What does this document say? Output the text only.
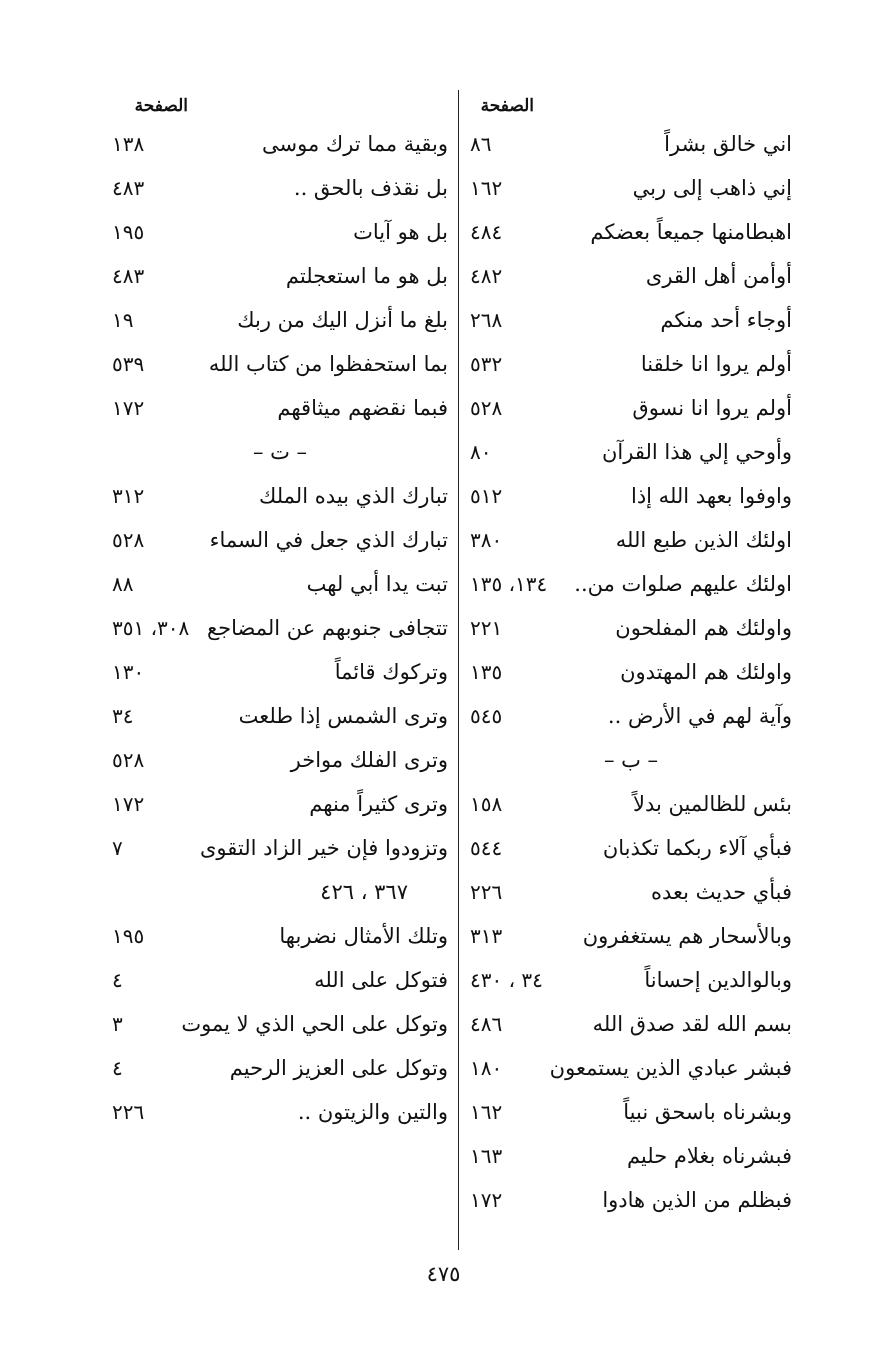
الصفحة
اني خالق بشراً
٨٦
إني ذاهب إلى ربي
١٦٢
اهبطامنها جميعاً بعضكم
٤٨٤
أوأمن أهل القرى
٤٨٢
أوجاء أحد منكم
٢٦٨
أولم يروا انا خلقنا
٥٣٢
أولم يروا انا نسوق
٥٢٨
وأوحي إلي هذا القرآن
٨٠
واوفوا بعهد الله إذا
٥١٢
اولئك الذين طبع الله
٣٨٠
اولئك عليهم صلوات من..
١٣٤، ١٣٥
واولئك هم المفلحون
٢٢١
واولئك هم المهتدون
١٣٥
وآية لهم في الأرض ..
٥٤٥
– ب –
بئس للظالمين بدلاً
١٥٨
فبأي آلاء ربكما تكذبان
٥٤٤
فبأي حديث بعده
٢٢٦
وبالأسحار هم يستغفرون
٣١٣
وبالوالدين إحساناً
٣٤ ، ٤٣٠
بسم الله لقد صدق الله
٤٨٦
فبشر عبادي الذين يستمعون
١٨٠
وبشرناه باسحق نبياً
١٦٢
فبشرناه بغلام حليم
١٦٣
فبظلم من الذين هادوا
١٧٢
الصفحة
وبقية مما ترك موسى
١٣٨
بل نقذف بالحق ..
٤٨٣
بل هو آيات
١٩٥
بل هو ما استعجلتم
٤٨٣
بلغ ما أنزل اليك من ربك
١٩
بما استحفظوا من كتاب الله
٥٣٩
فبما نقضهم ميثاقهم
١٧٢
– ت –
تبارك الذي بيده الملك
٣١٢
تبارك الذي جعل في السماء
٥٢٨
تبت يدا أبي لهب
٨٨
تتجافى جنوبهم عن المضاجع
٣٠٨، ٣٥١
وتركوك قائماً
١٣٠
وترى الشمس إذا طلعت
٣٤
وترى الفلك مواخر
٥٢٨
وترى كثيراً منهم
١٧٢
وتزودوا فإن خير الزاد التقوى
٧
٣٦٧ ، ٤٢٦
وتلك الأمثال نضربها
١٩٥
فتوكل على الله
٤
وتوكل على الحي الذي لا يموت
٣
وتوكل على العزيز الرحيم
٤
والتين والزيتون ..
٢٢٦
٤٧٥
